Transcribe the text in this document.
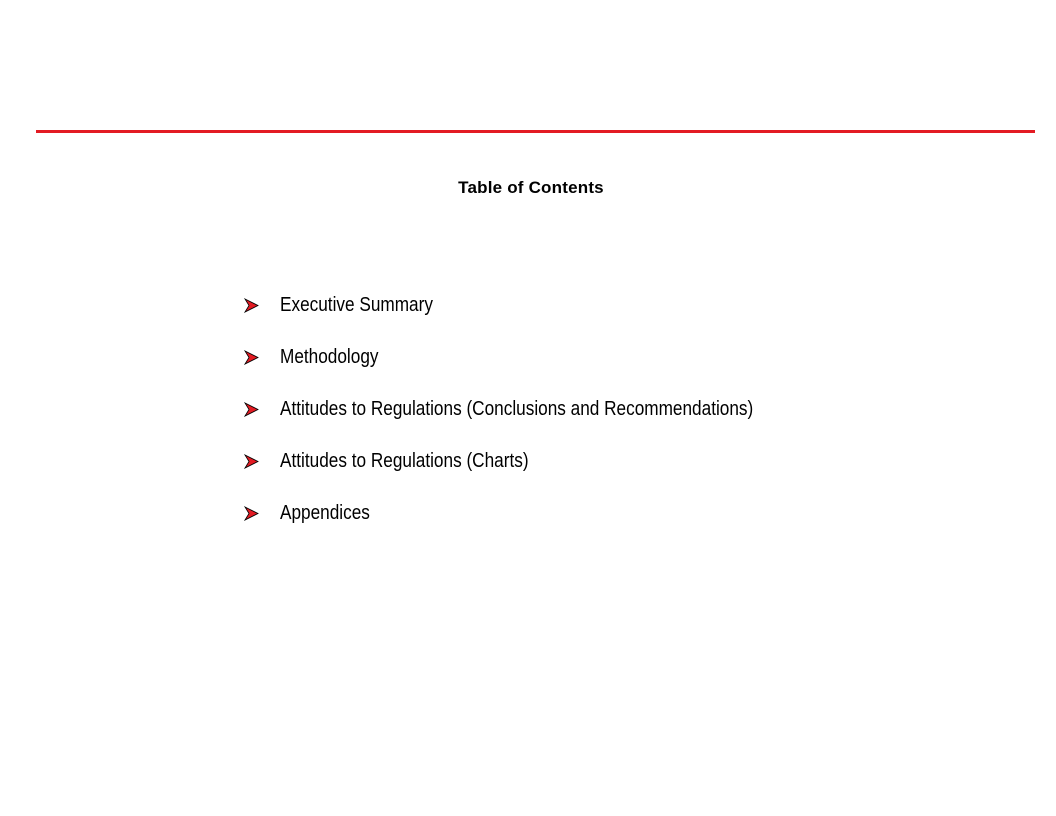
Table of Contents
Executive Summary
Methodology
Attitudes to Regulations (Conclusions and Recommendations)
Attitudes to Regulations (Charts)
Appendices
